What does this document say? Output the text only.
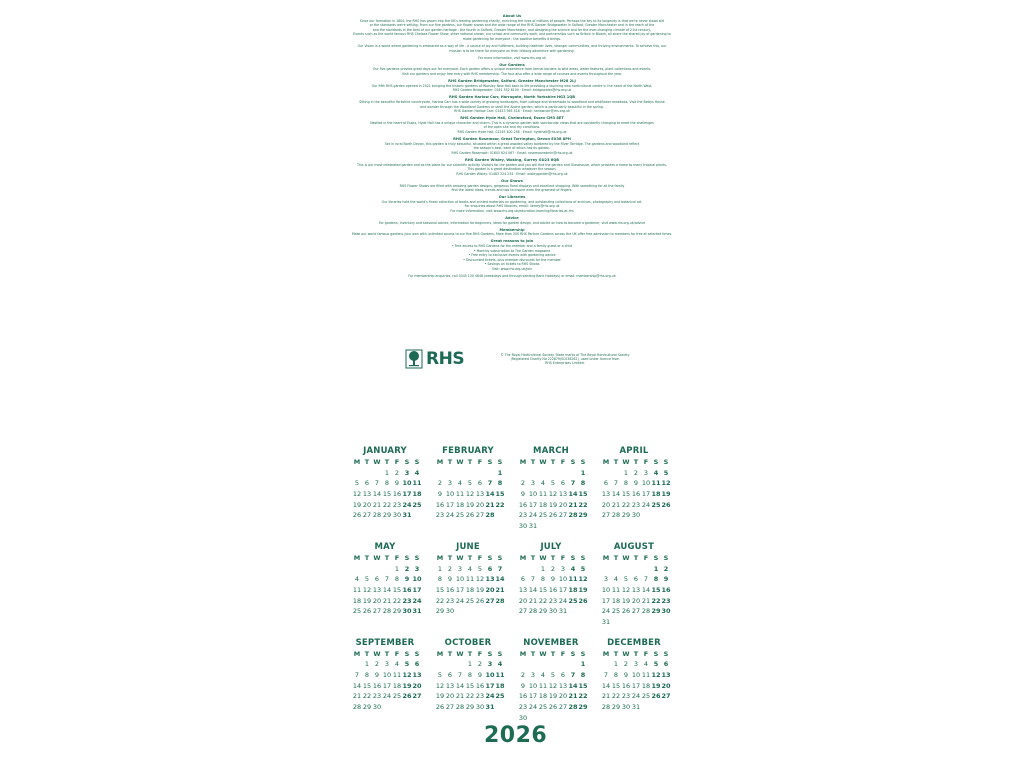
About Us

Since our formation in 1804, the RHS has grown into the UK's leading gardening charity, enriching the lives of millions of people. Perhaps the key to its longevity is that we're never stood still

or the standards we're setting. From our five gardens, our flower shows and the wide range of the RHS Garden Bridgewater in Salford, Greater Manchester and in the reach of the

and the standards in the best of our garden heritage - the fourth in Salford, Greater Manchester, and designing the science and for the ever-changing climate of 21st century,

Events such as the world famous RHS Chelsea Flower Show, other national shows, our school and community work, and partnerships such as Britain in Bloom, all share the shared joy of gardening to

make gardening for everyone - the positive benefits it brings.

Our Vision is a world where gardening is embraced as a way of life - a source of joy and fulfilment, building healthier lives, stronger communities, and thriving environments. To achieve this, our

mission is to be there for everyone on their lifelong adventure with gardening.

For more information, visit www.rhs.org.uk

Our Gardens

Our five gardens provide great days out for everyone. Each garden offers a unique experience from formal borders to wild areas, water features, plant collections and events.

Visit our gardens and enjoy free entry with RHS membership. The four also offer a wide range of courses and events throughout the year.

RHS Garden Bridgewater, Salford, Greater Manchester M28 2LJ

Our fifth RHS garden opened in 2021 bringing the historic gardens of Worsley New Hall back to life providing a stunning new horticultural centre in the heart of the North West.

RHS Garden Bridgewater: 0161 552 6100 · Email: bridgewater@rhs.org.uk

RHS Garden Harlow Carr, Harrogate, North Yorkshire HG3 1QB

Sitting in the beautiful Yorkshire countryside, Harlow Carr has a wide variety of growing landscapes, from cottage and streamside to woodland and wildflower meadows. Visit the Bettys House

and wander through the Woodland Gardens or stroll the Alpine garden, which is particularly beautiful in the spring.

RHS Garden Harlow Carr: 01423 565 418 · Email: harlowcarr@rhs.org.uk

RHS Garden Hyde Hall, Chelmsford, Essex CM3 8ET

Nestled in the heart of Essex, Hyde Hall has a unique character and charm. This is a dynamic garden with spectacular views that are constantly changing to meet the challenges

of the open site and dry conditions.

RHS Garden Hyde Hall: 01245 400 256 · Email: hydehall@rhs.org.uk

RHS Garden Rosemoor, Great Torrington, Devon EX38 8PH

Set in rural North Devon, this garden is truly beautiful, situated within a great wooded valley bordered by the River Torridge. The gardens and woodland reflect

the season's best, each of which has its garden.

RHS Garden Rosemoor: 01805 624 067 · Email: rosemooradmin@rhs.org.uk

RHS Garden Wisley, Woking, Surrey GU23 6QB

This is our most celebrated garden and as the place for our scientific activity. Visitors for the garden and you will find the garden and Glasshouse, which provides a home to many tropical plants.

This garden is a great destination whatever the season.

RHS Garden Wisley: 01483 224 234 · Email: wisleygarden@rhs.org.uk

Our Shows

RHS Flower Shows are filled with amazing garden designs, gorgeous floral displays and excellent shopping. With something for all the family

find the latest ideas, trends and tips to inspire even the greenest of fingers.

Our Libraries

Our libraries hold the world's finest collection of books and printed materials on gardening, and outstanding collections of archives, photography and botanical art.

For enquiries about RHS libraries, email: library@rhs.org.uk

For more information, visit www.rhs.org.uk/education-learning/libraries-at-rhs

Advice

For gardens, inventory and seasonal advice, information for beginners, ideas for garden design, and advice on how to become a gardener, visit www.rhs.org.uk/advice

Membership

Make our world famous gardens your own with unlimited access to our five RHS Gardens. More than 200 RHS Partner Gardens across the UK offer free admission to members for free at selected times.

Great reasons to join

• Free access to RHS Gardens for the member and a family guest or a child

• Monthly subscription to The Garden magazine

• Free entry to exclusive events with gardening advice

• Discounted tickets, plus member-discounts for the member

• Savings on tickets to RHS Shows

Visit: www.rhs.org.uk/join

For membership enquiries, call 0345 130 4646 (weekdays and through sending Bank Holidays) or email: membership@rhs.org.uk

RHS	© The Royal Horticultural Society. Trade marks of The Royal Horticultural Society

(Registered Charity No 222879/SC038262), used under licence from

RHS Enterprises Limited.

JANUARY
M T W T F S S
1 2 3 4
5 6 7 8 9 10 11
12 13 14 15 16 17 18
19 20 21 22 23 24 25
26 27 28 29 30 31
FEBRUARY
M T W T F S S
1
2 3 4 5 6 7 8
9 10 11 12 13 14 15
16 17 18 19 20 21 22
23 24 25 26 27 28
MARCH
M T W T F S S
1
2 3 4 5 6 7 8
9 10 11 12 13 14 15
16 17 18 19 20 21 22
23 24 25 26 27 28 29
30 31
APRIL
M T W T F S S
1 2 3 4 5
6 7 8 9 10 11 12
13 14 15 16 17 18 19
20 21 22 23 24 25 26
27 28 29 30
MAY
M T W T F S S
1 2 3
4 5 6 7 8 9 10
11 12 13 14 15 16 17
18 19 20 21 22 23 24
25 26 27 28 29 30 31
JUNE
M T W T F S S
1 2 3 4 5 6 7
8 9 10 11 12 13 14
15 16 17 18 19 20 21
22 23 24 25 26 27 28
29 30
JULY
M T W T F S S
1 2 3 4 5
6 7 8 9 10 11 12
13 14 15 16 17 18 19
20 21 22 23 24 25 26
27 28 29 30 31
AUGUST
M T W T F S S
1 2
3 4 5 6 7 8 9
10 11 12 13 14 15 16
17 18 19 20 21 22 23
24 25 26 27 28 29 30
31
SEPTEMBER
M T W T F S S
1 2 3 4 5 6
7 8 9 10 11 12 13
14 15 16 17 18 19 20
21 22 23 24 25 26 27
28 29 30
OCTOBER
M T W T F S S
1 2 3 4
5 6 7 8 9 10 11
12 13 14 15 16 17 18
19 20 21 22 23 24 25
26 27 28 29 30 31
NOVEMBER
M T W T F S S
1
2 3 4 5 6 7 8
9 10 11 12 13 14 15
16 17 18 19 20 21 22
23 24 25 26 27 28 29
30
DECEMBER
M T W T F S S
1 2 3 4 5 6
7 8 9 10 11 12 13
14 15 16 17 18 19 20
21 22 23 24 25 26 27
28 29 30 31
2026
